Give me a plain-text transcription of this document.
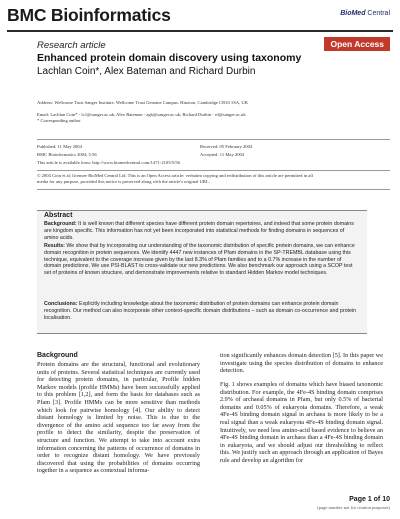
BMC Bioinformatics	BioMed Central
Research article	Open Access
Enhanced protein domain discovery using taxonomy
Lachlan Coin*, Alex Bateman and Richard Durbin
Address: Wellcome Trust Sanger Institute, Wellcome Trust Genome Campus, Hinxton, Cambridge CB10 1SA, UK
Email: Lachlan Coin* - lc1@sanger.ac.uk; Alex Bateman - agb@sanger.ac.uk; Richard Durbin - rd@sanger.ac.uk
* Corresponding author
Published: 11 May 2004	Received: 05 February 2004
BMC Bioinformatics 2004, 5:56	Accepted: 11 May 2004
This article is available from: http://www.biomedcentral.com/1471-2105/5/56
© 2004 Coin et al; licensee BioMed Central Ltd. This is an Open Access article: verbatim copying and redistribution of this article are permitted in all
media for any purpose, provided this notice is preserved along with the article's original URL.
Abstract
Background: It is well known that different species have different protein domain repertoires, and indeed that some protein domains are kingdom specific. This information has not yet been incorporated into statistical methods for finding domains in sequences of amino acids.
Results: We show that by incorporating our understanding of the taxonomic distribution of specific protein domains, we can enhance domain recognition in protein sequences. We identify 4447 new instances of Pfam domains in the SP-TREMBL database using this technique, equivalent to the coverage increase given by the last 8.3% of Pfam families and to a 0.7% increase in the number of domain predictions. We use PSI-BLAST to cross-validate our new predictions. We also benchmark our approach using a SCOP test set of proteins of known structure, and demonstrate improvements relative to standard Hidden Markov model techniques.
Conclusions: Explicitly including knowledge about the taxonomic distribution of protein domains can enhance protein domain recognition. Our method can also incorporate other context-specific domain distributions – such as domain co-occurrence and protein localisation.
Background
Protein domains are the structural, functional and evolutionary units of proteins. Several statistical techniques are currently used for detecting protein domains, in particular, Profile hidden Markov models (profile HMMs) have been successfully applied to this problem [1,2], and form the basis for databases such as Pfam [3]. Profile HMMs can be more sensitive than methods which look for pairwise homology [4]. Our ability to detect distant homology is limited by noise. This is due to the divergence of the amino acid sequence too far away from the profile to detect the similarity, despite the preservation of structure and function. We attempt to take into account extra information concerning the patterns of occurrence of domains in order to recognize distant homology. We have previously discovered that using the probabilities of domains occurring together in a sequence as contextual informa-
tion significantly enhances domain detection [5]. In this paper we investigate using the species distribution of domains to enhance detection.
Fig. 1 shows examples of domains which have biased taxonomic distribution. For example, the 4Fe-4S binding domain comprises 2.9% of archaeal domains in Pfam, but only 0.5% of bacterial domains and 0.05% of eukaryota domains. Therefore, a weak 4Fe-4S binding domain signal in archaea is more likely to be a real signal than a weak eukaryota 4Fe-4S binding domain signal. Intuitively, we need less amino-acid based evidence to believe an 4Fe-4S binding domain in archaea than a 4Fe-4S binding domain in eukaryota, and we should adjust our thresholding to reflect this. We justify such an approach through an application of Bayes rule and develop an algorithm for
Page 1 of 10
(page number not for citation purposes)
